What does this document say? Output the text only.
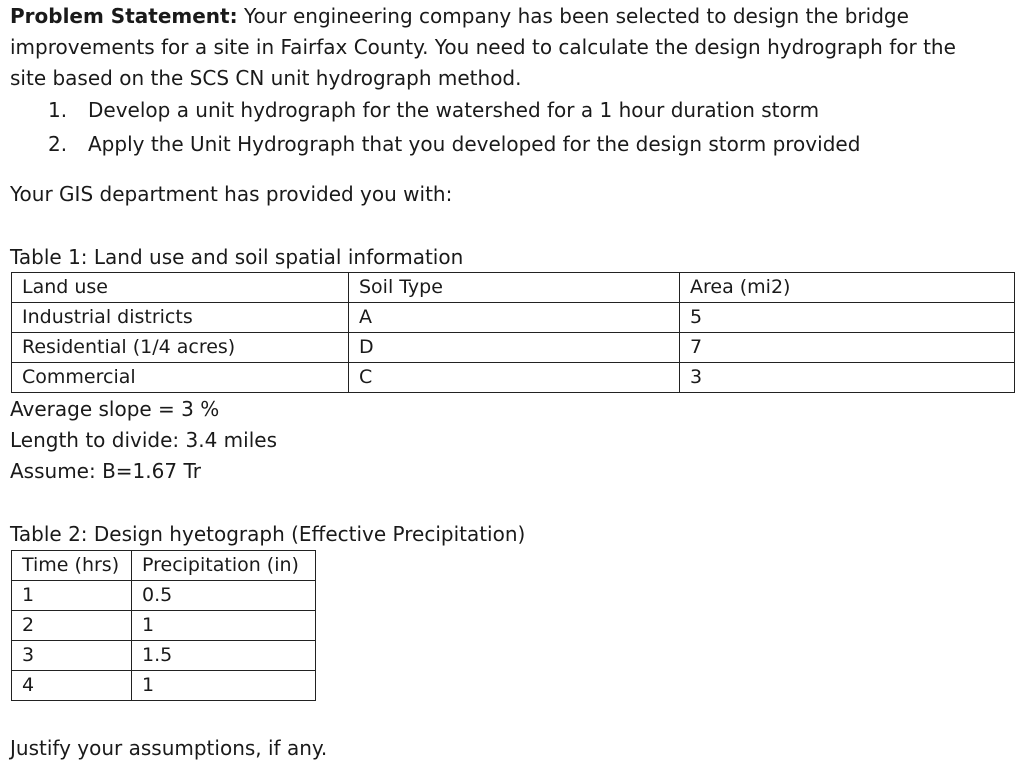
Problem Statement: Your engineering company has been selected to design the bridge
improvements for a site in Fairfax County. You need to calculate the design hydrograph for the
site based on the SCS CN unit hydrograph method.
1. Develop a unit hydrograph for the watershed for a 1 hour duration storm
2. Apply the Unit Hydrograph that you developed for the design storm provided
Your GIS department has provided you with:
Table 1: Land use and soil spatial information
Land use	Soil Type	Area (mi2)
Industrial districts	A	5
Residential (1/4 acres)	D	7
Commercial	C	3
Average slope = 3 %
Length to divide: 3.4 miles
Assume: B=1.67 Tr
Table 2: Design hyetograph (Effective Precipitation)
Time (hrs)	Precipitation (in)
1	0.5
2	1
3	1.5
4	1
Justify your assumptions, if any.
